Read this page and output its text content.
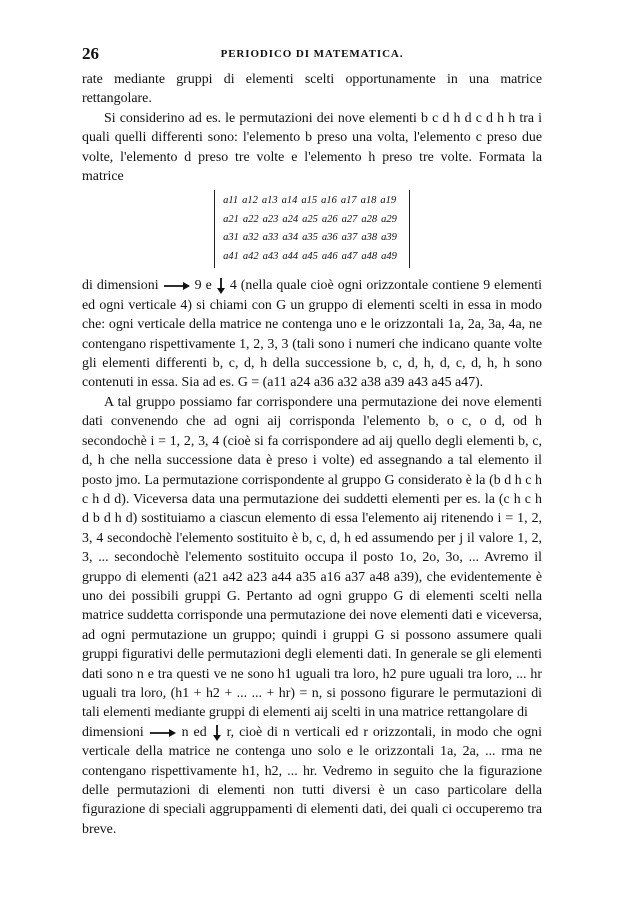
26	PERIODICO DI MATEMATICA.

rate mediante gruppi di elementi scelti opportunamente in una matrice rettangolare.

Si considerino ad es. le permutazioni dei nove elementi b c d h d c d h h tra i quali quelli differenti sono: l'elemento b preso una volta, l'elemento c preso due volte, l'elemento d preso tre volte e l'elemento h preso tre volte. Formata la matrice

a11 a12 a13 a14 a15 a16 a17 a18 a19
a21 a22 a23 a24 a25 a26 a27 a28 a29
a31 a32 a33 a34 a35 a36 a37 a38 a39
a41 a42 a43 a44 a45 a46 a47 a48 a49

di dimensioni	9 e 4 (nella quale cioè ogni orizzontale contiene 9 elementi ed ogni verticale 4) si chiami con G un gruppo di elementi scelti in essa in modo che: ogni verticale della matrice ne contenga uno e le orizzontali 1a, 2a, 3a, 4a, ne contengano rispettivamente 1, 2, 3, 3 (tali sono i numeri che indicano quante volte gli elementi differenti b, c, d, h della successione b, c, d, h, d, c, d, h, h sono contenuti in essa. Sia ad es. G = (a11 a24 a36 a32 a38 a39 a43 a45 a47).

A tal gruppo possiamo far corrispondere una permutazione dei nove elementi dati convenendo che ad ogni aij corrisponda l'elemento b, o c, o d, od h secondochè i = 1, 2, 3, 4 (cioè si fa corrispondere ad aij quello degli elementi b, c, d, h che nella successione data è preso i volte) ed assegnando a tal elemento il posto jmo. La permutazione corrispondente al gruppo G considerato è la (b d h c h c h d d). Viceversa data una permutazione dei suddetti elementi per es. la (c h c h d b d h d) sostituiamo a ciascun elemento di essa l'elemento aij ritenendo i = 1, 2, 3, 4 secondochè l'elemento sostituito è b, c, d, h ed assumendo per j il valore 1, 2, 3, ... secondochè l'elemento sostituito occupa il posto 1o, 2o, 3o, ... Avremo il gruppo di elementi (a21 a42 a23 a44 a35 a16 a37 a48 a39), che evidentemente è uno dei possibili gruppi G. Pertanto ad ogni gruppo G di elementi scelti nella matrice suddetta corrisponde una permutazione dei nove elementi dati e viceversa, ad ogni permutazione un gruppo; quindi i gruppi G si possono assumere quali gruppi figurativi delle permutazioni degli elementi dati. In generale se gli elementi dati sono n e tra questi ve ne sono h1 uguali tra loro, h2 pure uguali tra loro, ... hr uguali tra loro, (h1 + h2 + ... ... + hr) = n, si possono figurare le permutazioni di tali elementi mediante gruppi di elementi aij scelti in una matrice rettangolare di

dimensioni	n ed r, cioè di n verticali ed r orizzontali, in modo che ogni verticale della matrice ne contenga uno solo e le orizzontali 1a, 2a, ... rma ne contengano rispettivamente h1, h2, ... hr. Vedremo in seguito che la figurazione delle permutazioni di elementi non tutti diversi è un caso particolare della figurazione di speciali aggruppamenti di elementi dati, dei quali ci occuperemo tra breve.
